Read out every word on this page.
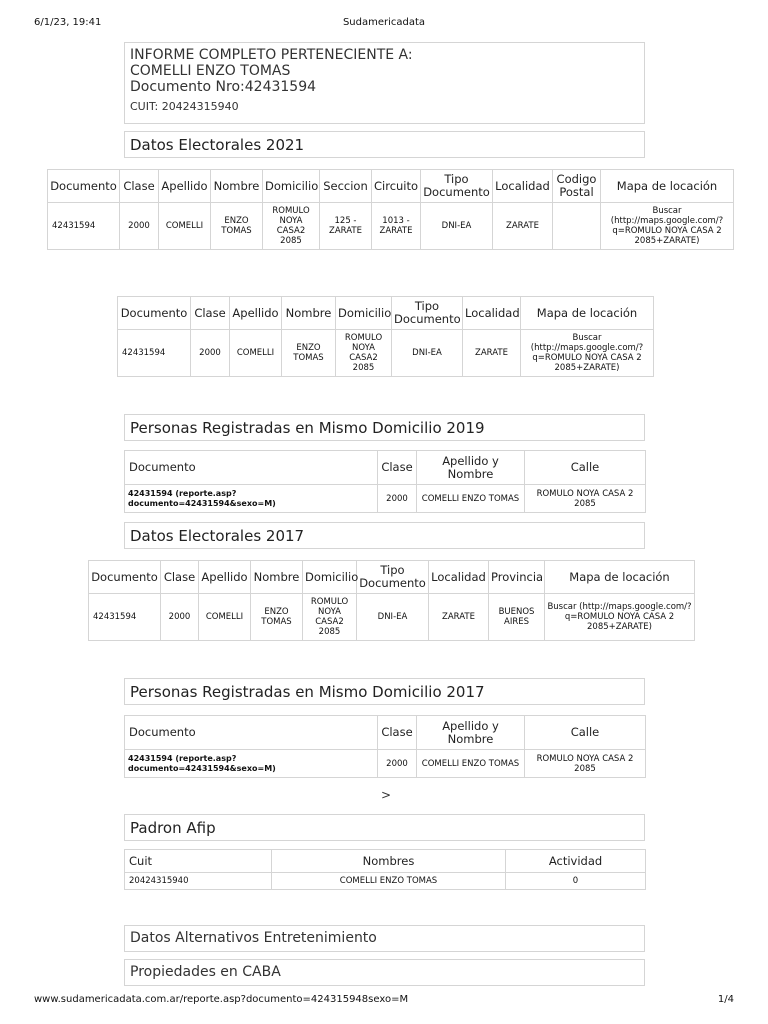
6/1/23, 19:41	Sudamericadata
INFORME COMPLETO PERTENECIENTE A:
COMELLI ENZO TOMAS
Documento Nro:42431594
CUIT: 20424315940
Datos Electorales 2021
Documento	Clase	Apellido	Nombre	Domicilio	Seccion	Circuito	Tipo Documento	Localidad	Codigo Postal	Mapa de locación
42431594	2000	COMELLI	ENZO TOMAS	ROMULO NOYA CASA2 2085	125 - ZARATE	1013 - ZARATE	DNI-EA	ZARATE		Buscar (http://maps.google.com/?q=ROMULO NOYA CASA 2 2085+ZARATE)
Documento	Clase	Apellido	Nombre	Domicilio	Tipo Documento	Localidad	Mapa de locación
42431594	2000	COMELLI	ENZO TOMAS	ROMULO NOYA CASA2 2085	DNI-EA	ZARATE	Buscar (http://maps.google.com/?q=ROMULO NOYA CASA 2 2085+ZARATE)
Personas Registradas en Mismo Domicilio 2019
Documento	Clase	Apellido y Nombre	Calle
42431594 (reporte.asp?documento=42431594&sexo=M)	2000	COMELLI ENZO TOMAS	ROMULO NOYA CASA 2 2085
Datos Electorales 2017
Documento	Clase	Apellido	Nombre	Domicilio	Tipo Documento	Localidad	Provincia	Mapa de locación
42431594	2000	COMELLI	ENZO TOMAS	ROMULO NOYA CASA2 2085	DNI-EA	ZARATE	BUENOS AIRES	Buscar (http://maps.google.com/?q=ROMULO NOYA CASA 2 2085+ZARATE)
Personas Registradas en Mismo Domicilio 2017
Documento	Clase	Apellido y Nombre	Calle
42431594 (reporte.asp?documento=42431594&sexo=M)	2000	COMELLI ENZO TOMAS	ROMULO NOYA CASA 2 2085
>
Padron Afip
Cuit	Nombres	Actividad
20424315940	COMELLI ENZO TOMAS	0
Datos Alternativos Entretenimiento
Propiedades en CABA
www.sudamericadata.com.ar/reporte.asp?documento=424315948sexo=M	1/4
